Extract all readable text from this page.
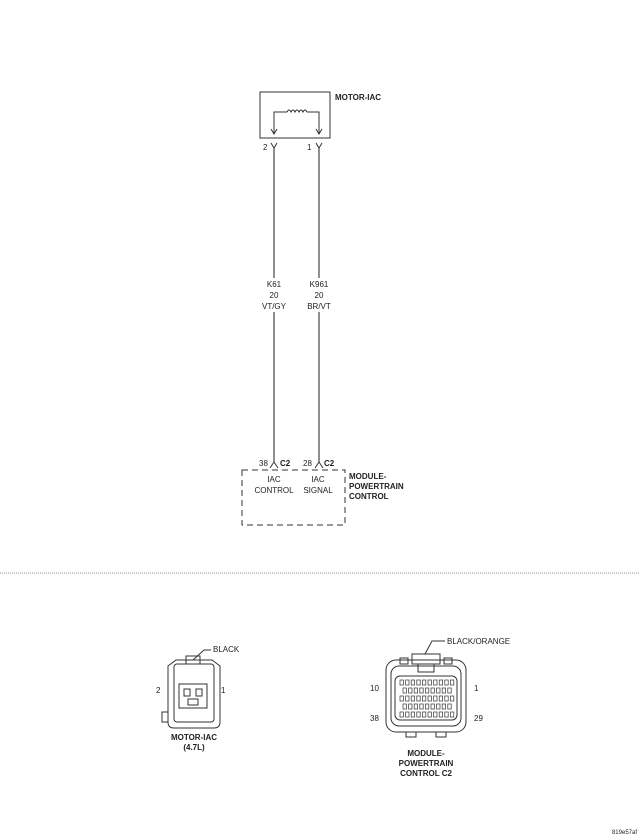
MOTOR-IAC
2	1
K61
20
VT/GY
K961
20
BR/VT
38 C2 28 C2
IAC
CONTROL
IAC
SIGNAL
MODULE-
POWERTRAIN
CONTROL
BLACK
2	1
MOTOR-IAC
(4.7L)
BLACK/ORANGE
10	1
38	29
MODULE-
POWERTRAIN
CONTROL C2
819e57af
